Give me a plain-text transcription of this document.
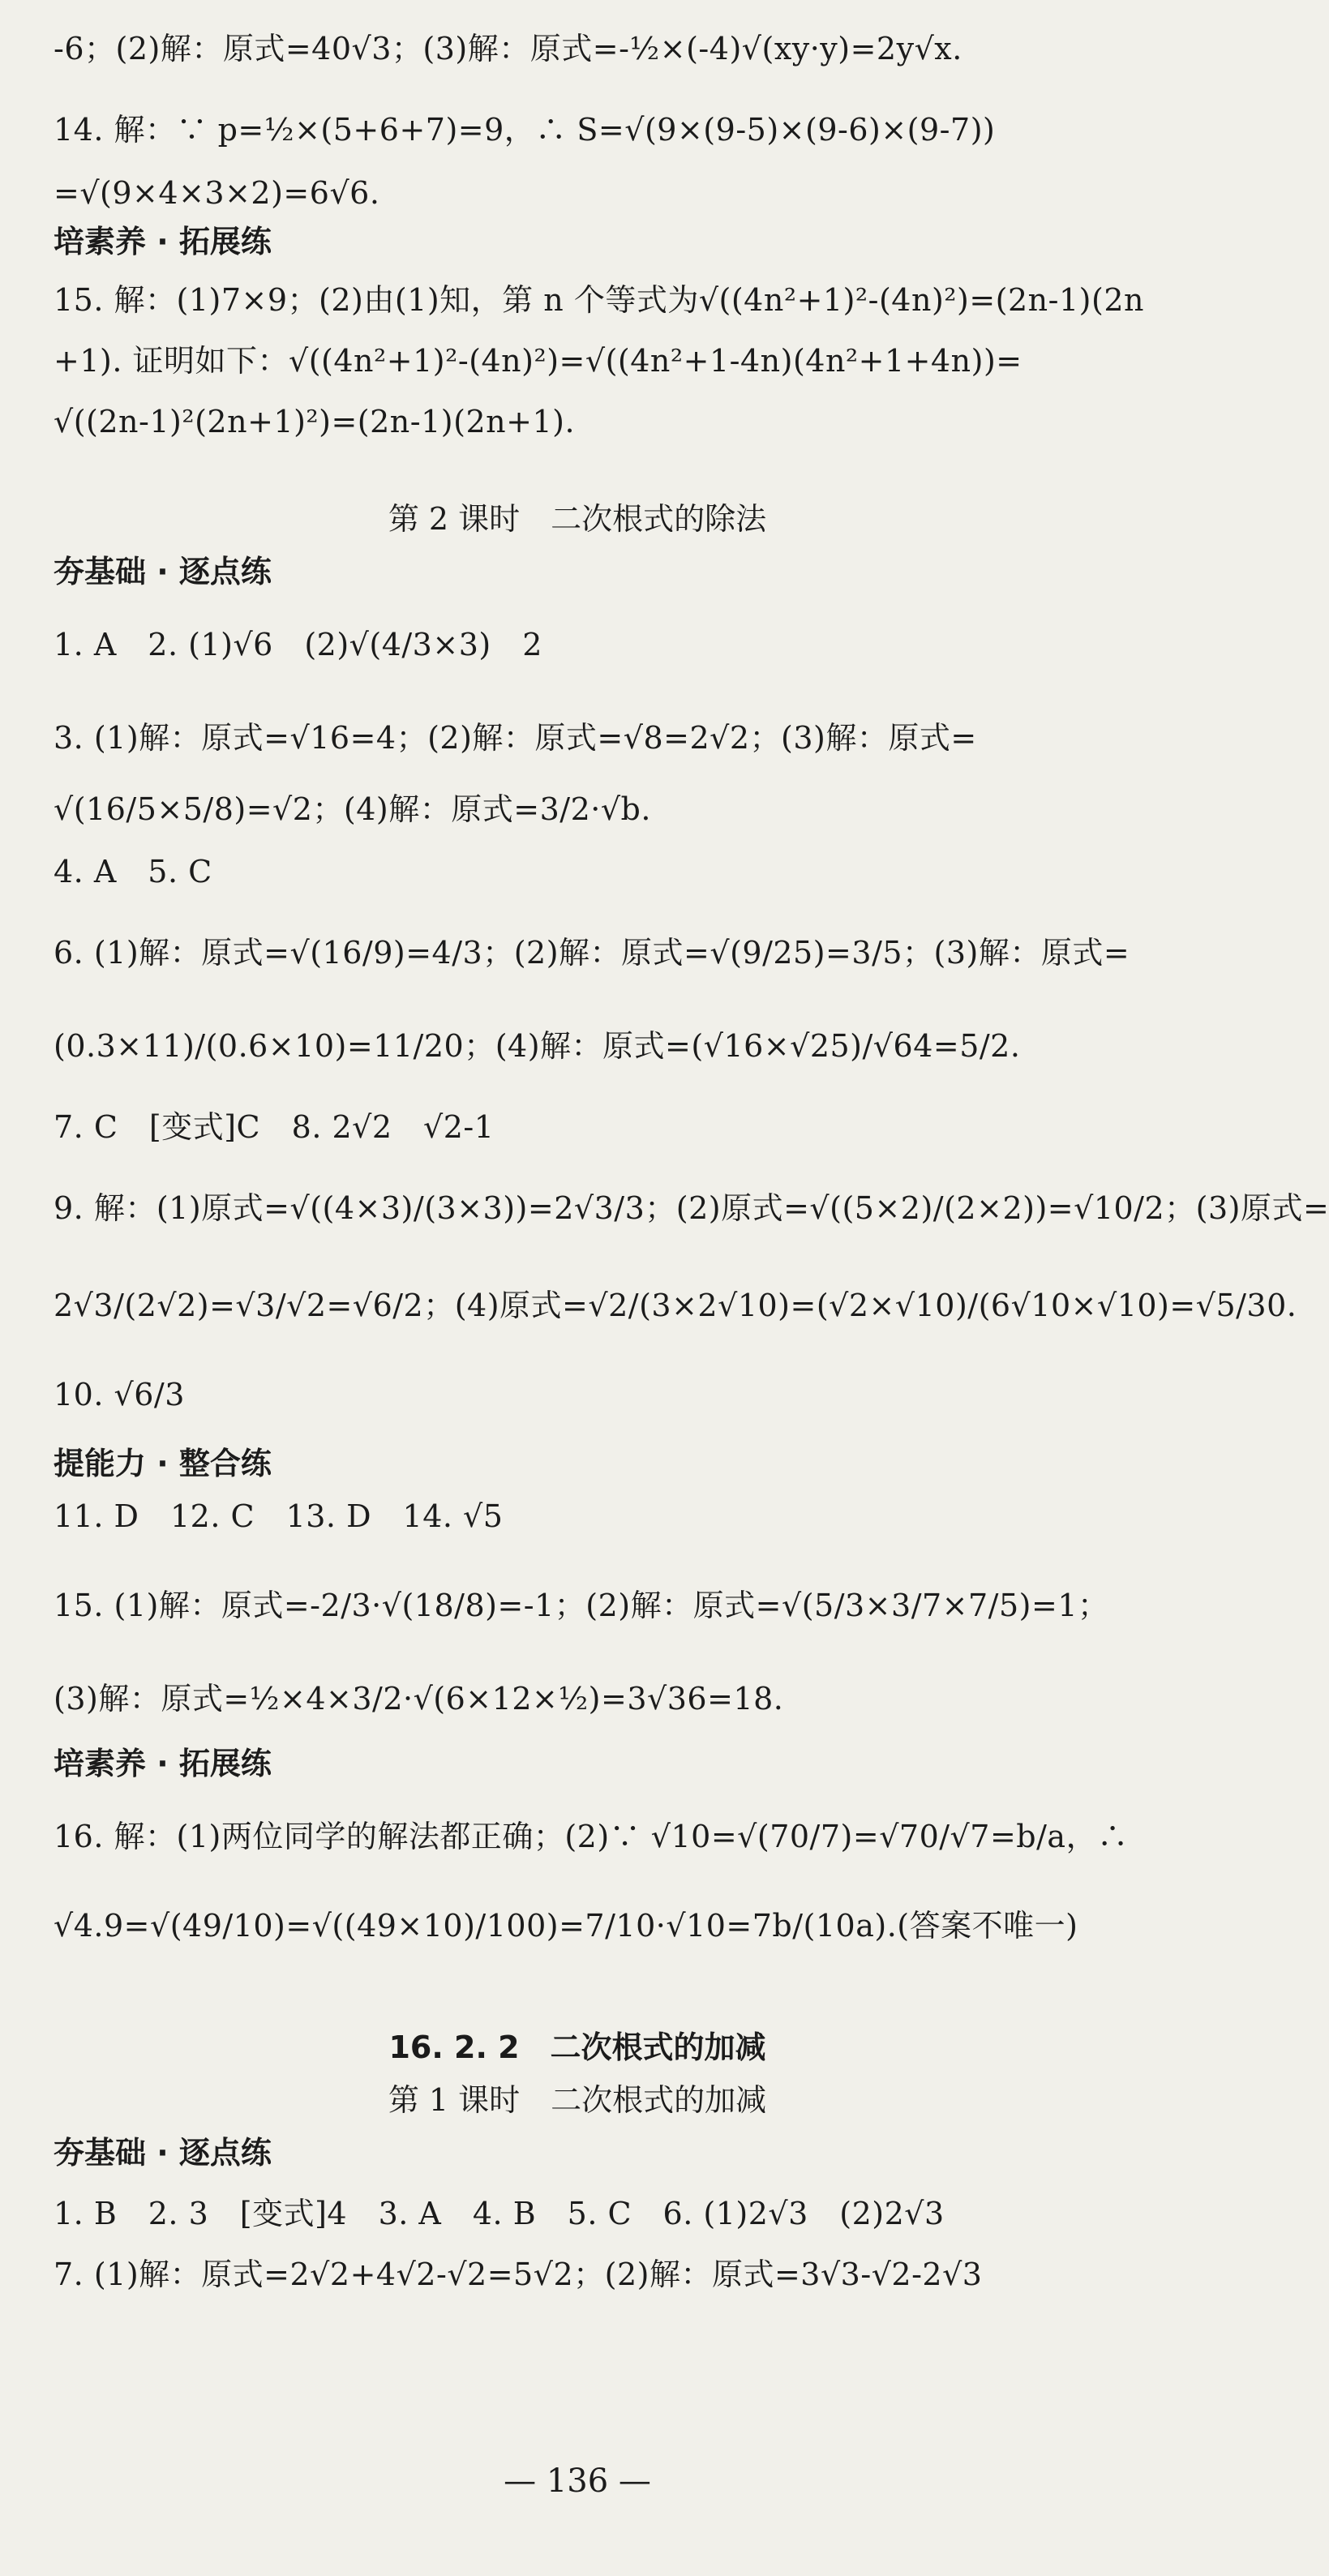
-6；(2)解：原式=40√3；(3)解：原式=-½×(-4)√(xy·y)=2y√x.
14. 解：∵ p=½×(5+6+7)=9，∴ S=√(9×(9-5)×(9-6)×(9-7))
=√(9×4×3×2)=6√6.
培素养 · 拓展练
15. 解：(1)7×9；(2)由(1)知，第 n 个等式为√((4n²+1)²-(4n)²)=(2n-1)(2n
+1). 证明如下：√((4n²+1)²-(4n)²)=√((4n²+1-4n)(4n²+1+4n))=
√((2n-1)²(2n+1)²)=(2n-1)(2n+1).
第 2 课时　二次根式的除法
夯基础 · 逐点练
1. A　2. (1)√6　(2)√(4/3×3)　2
3. (1)解：原式=√16=4；(2)解：原式=√8=2√2；(3)解：原式=
√(16/5×5/8)=√2；(4)解：原式=3/2·√b.
4. A　5. C
6. (1)解：原式=√(16/9)=4/3；(2)解：原式=√(9/25)=3/5；(3)解：原式=
(0.3×11)/(0.6×10)=11/20；(4)解：原式=(√16×√25)/√64=5/2.
7. C　[变式]C　8. 2√2　√2-1
9. 解：(1)原式=√((4×3)/(3×3))=2√3/3；(2)原式=√((5×2)/(2×2))=√10/2；(3)原式=
2√3/(2√2)=√3/√2=√6/2；(4)原式=√2/(3×2√10)=(√2×√10)/(6√10×√10)=√5/30.
10. √6/3
提能力 · 整合练
11. D　12. C　13. D　14. √5
15. (1)解：原式=-2/3·√(18/8)=-1；(2)解：原式=√(5/3×3/7×7/5)=1；
(3)解：原式=½×4×3/2·√(6×12×½)=3√36=18.
培素养 · 拓展练
16. 解：(1)两位同学的解法都正确；(2)∵ √10=√(70/7)=√70/√7=b/a，∴
√4.9=√(49/10)=√((49×10)/100)=7/10·√10=7b/(10a).(答案不唯一)
16. 2. 2　二次根式的加减
第 1 课时　二次根式的加减
夯基础 · 逐点练
1. B　2. 3　[变式]4　3. A　4. B　5. C　6. (1)2√3　(2)2√3
7. (1)解：原式=2√2+4√2-√2=5√2；(2)解：原式=3√3-√2-2√3
— 136 —
